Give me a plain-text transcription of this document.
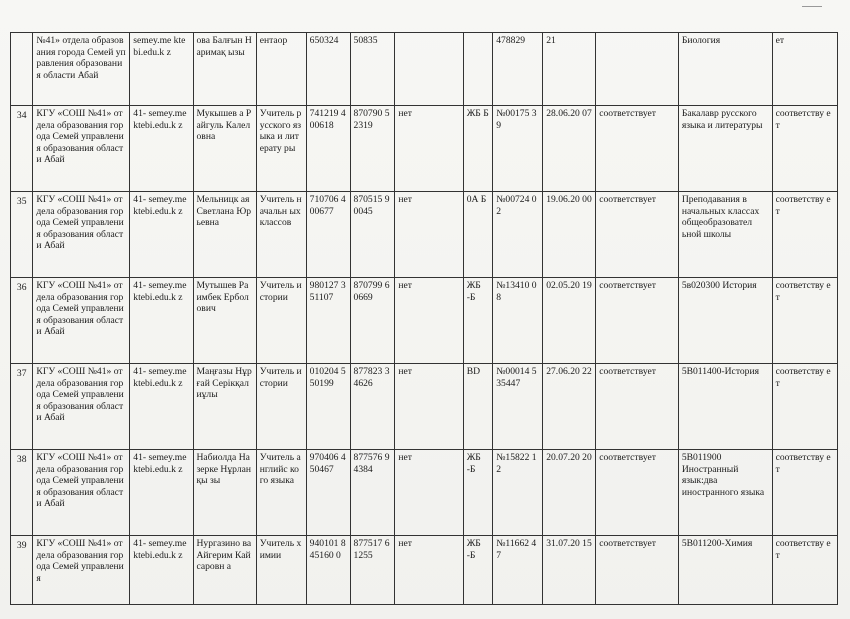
	№41» отдела образования города Семей управления образования области Абай	semey.me ktebi.edu.k z	ова Балғын Наримақ ызы	ентаор	650324	50835			478829	21		Биология	ет
34	КГУ «СОШ №41» отдела образования города Семей управления образования области Абай	41- semey.me ktebi.edu.k z	Мукышев а Райгуль Калеловна	Учитель русского языка и литерату ры	741219 400618	870790 52319	нет	ЖБ Б	№00175 39	28.06.20 07	соответствует	Бакалавр русского языка и литературы	соответству ет
35	КГУ «СОШ №41» отдела образования города Семей управления образования области Абай	41- semey.me ktebi.edu.k z	Мельницк ая Светлана Юрьевна	Учитель начальн ых классов	710706 400677	870515 90045	нет	0А Б	№00724 02	19.06.20 00	соответствует	Преподавания в начальных классах общеобразовател ьной школы	соответству ет
36	КГУ «СОШ №41» отдела образования города Семей управления образования области Абай	41- semey.me ktebi.edu.k z	Мутышев Раимбек Ерболович	Учитель истории	980127 351107	870799 60669	нет	ЖБ -Б	№13410 08	02.05.20 19	соответствует	5в020300 История	соответству ет
37	КГУ «СОШ №41» отдела образования города Семей управления образования области Абай	41- semey.me ktebi.edu.k z	Маңғазы Нұрғай Серікқалиұлы	Учитель истории	010204 550199	877823 34626	нет	BD	№00014 535447	27.06.20 22	соответствует	5В011400-История	соответству ет
38	КГУ «СОШ №41» отдела образования города Семей управления образования области Абай	41- semey.me ktebi.edu.k z	Набиолда Назерке Нұрланқы зы	Учитель английс кого языка	970406 450467	877576 94384	нет	ЖБ -Б	№15822 12	20.07.20 20	соответствует	5В011900 Иностранный язык:два инострaнного языка	соответству ет
39	КГУ «СОШ №41» отдела образования города Семей управления	41- semey.me ktebi.edu.k z	Нургазино ва Айгерим Кайсаровн а	Учитель химии	940101 845160 0	877517 61255	нет	ЖБ -Б	№11662 47	31.07.20 15	соответствует	5В011200-Химия	соответству ет
